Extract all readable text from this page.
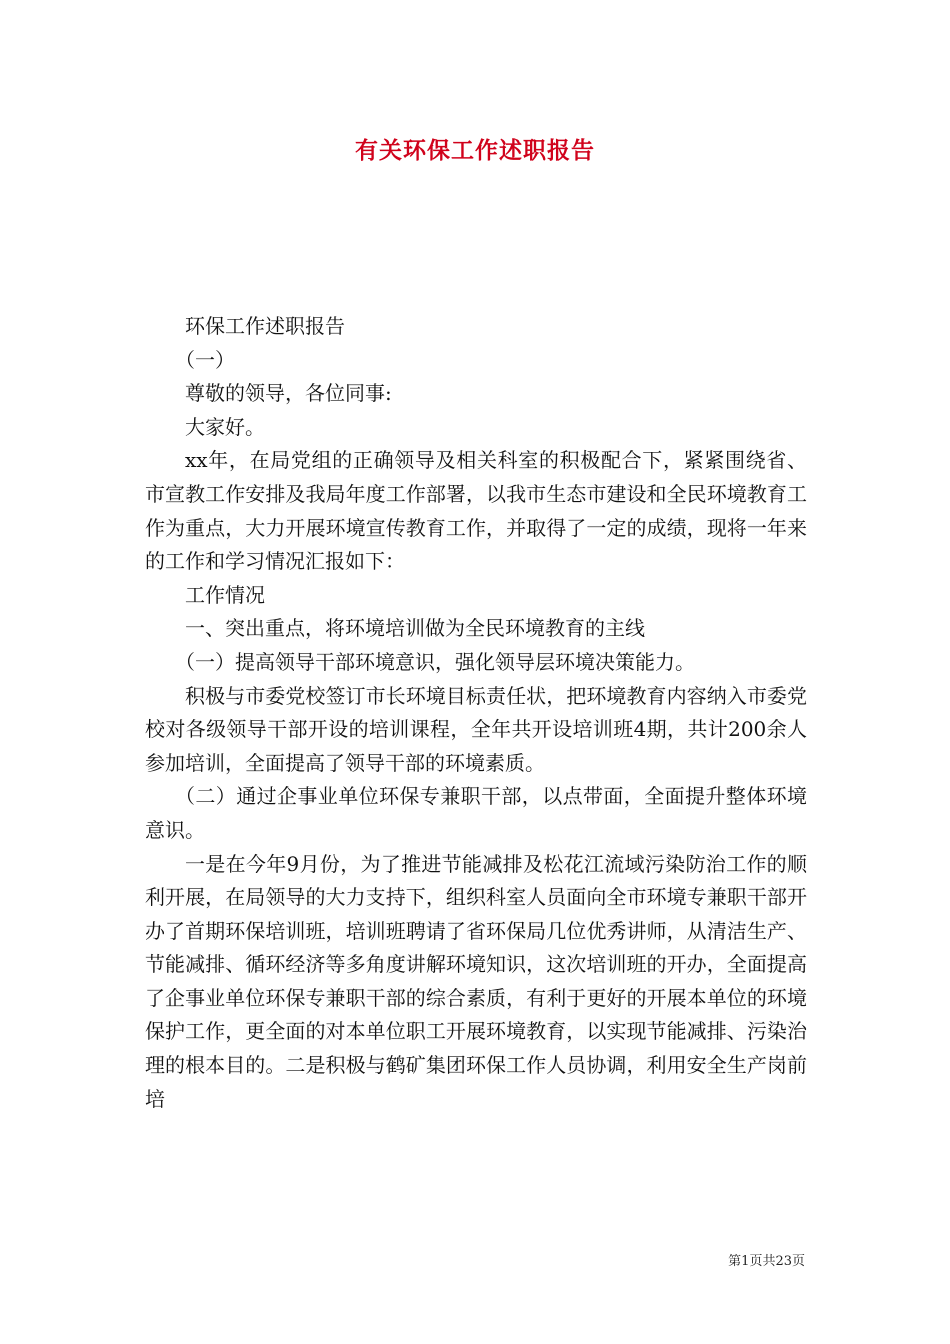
有关环保工作述职报告

环保工作述职报告

（一）

尊敬的领导，各位同事:

大家好。

xx年，在局党组的正确领导及相关科室的积极配合下，紧紧围绕省、市宣教工作安排及我局年度工作部署，以我市生态市建设和全民环境教育工作为重点，大力开展环境宣传教育工作，并取得了一定的成绩，现将一年来的工作和学习情况汇报如下：

工作情况

一、突出重点，将环境培训做为全民环境教育的主线

（一）提高领导干部环境意识，强化领导层环境决策能力。

积极与市委党校签订市长环境目标责任状，把环境教育内容纳入市委党校对各级领导干部开设的培训课程，全年共开设培训班4期，共计200余人参加培训，全面提高了领导干部的环境素质。

（二）通过企事业单位环保专兼职干部，以点带面，全面提升整体环境意识。

一是在今年9月份，为了推进节能减排及松花江流域污染防治工作的顺利开展，在局领导的大力支持下，组织科室人员面向全市环境专兼职干部开办了首期环保培训班，培训班聘请了省环保局几位优秀讲师，从清洁生产、节能减排、循环经济等多角度讲解环境知识，这次培训班的开办，全面提高了企事业单位环保专兼职干部的综合素质，有利于更好的开展本单位的环境保护工作，更全面的对本单位职工开展环境教育，以实现节能减排、污染治理的根本目的。二是积极与鹤矿集团环保工作人员协调，利用安全生产岗前培

第1页共23页
